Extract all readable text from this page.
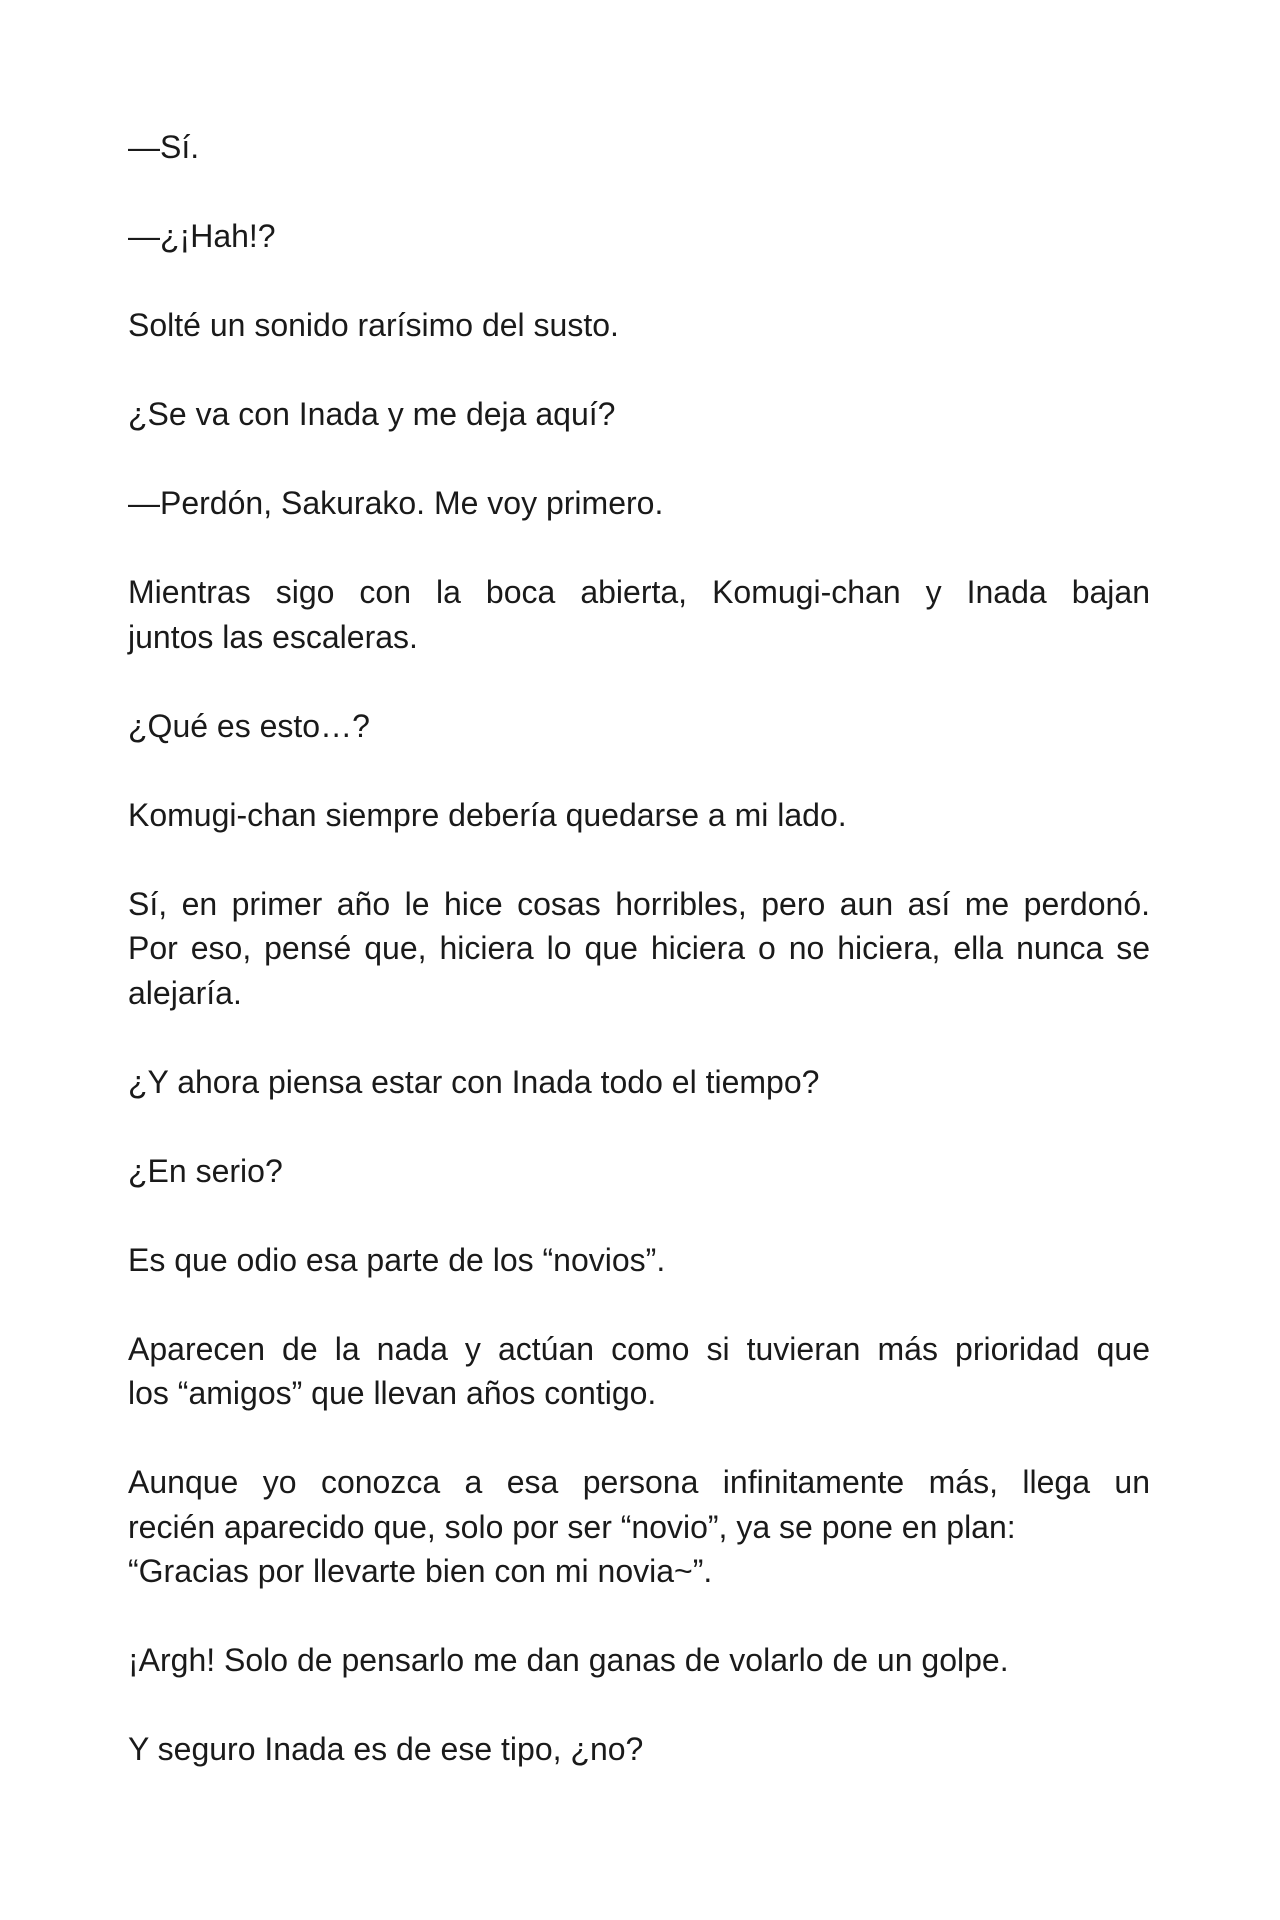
—Sí.

—¿¡Hah!?

Solté un sonido rarísimo del susto.

¿Se va con Inada y me deja aquí?

—Perdón, Sakurako. Me voy primero.

Mientras sigo con la boca abierta, Komugi-chan y Inada bajan
juntos las escaleras.

¿Qué es esto…?

Komugi-chan siempre debería quedarse a mi lado.

Sí, en primer año le hice cosas horribles, pero aun así me perdonó.
Por eso, pensé que, hiciera lo que hiciera o no hiciera, ella nunca se
alejaría.

¿Y ahora piensa estar con Inada todo el tiempo?

¿En serio?

Es que odio esa parte de los “novios”.

Aparecen de la nada y actúan como si tuvieran más prioridad que
los “amigos” que llevan años contigo.

Aunque yo conozca a esa persona infinitamente más, llega un
recién aparecido que, solo por ser “novio”, ya se pone en plan:
“Gracias por llevarte bien con mi novia~”.

¡Argh! Solo de pensarlo me dan ganas de volarlo de un golpe.

Y seguro Inada es de ese tipo, ¿no?
